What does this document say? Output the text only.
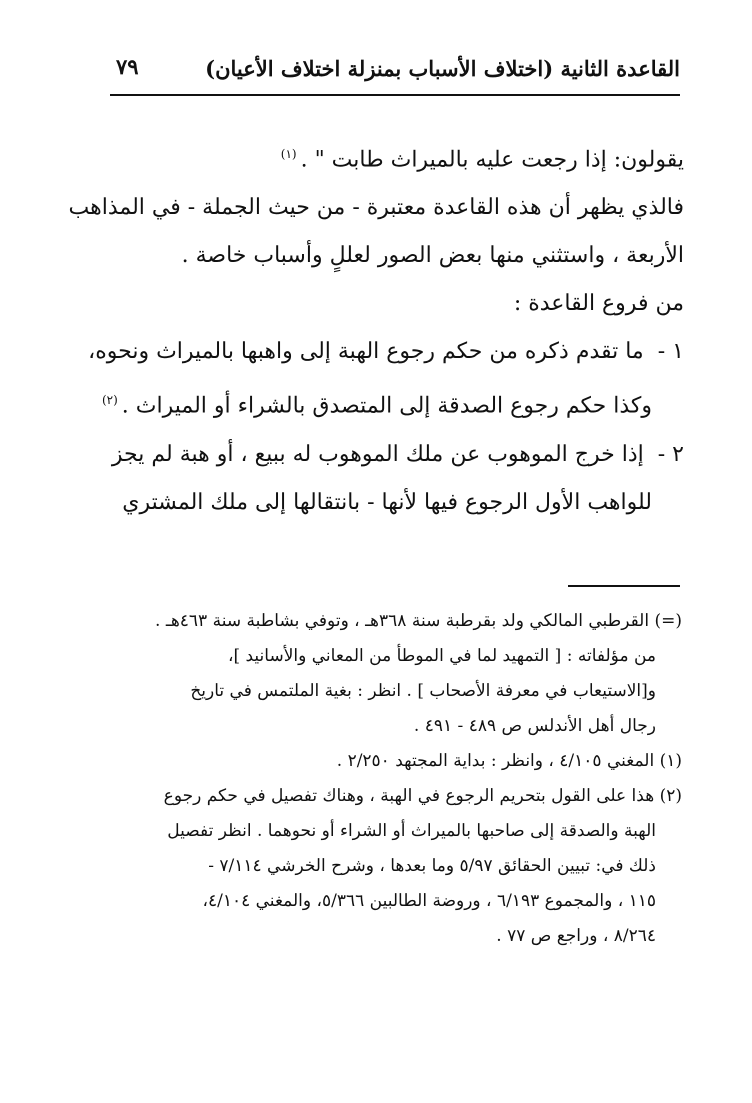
القاعدة الثانية (اختلاف الأسباب بمنزلة اختلاف الأعيان)
٧٩
يقولون: إذا رجعت عليه بالميراث طابت " .$^{(١)}$
فالذي يظهر أن هذه القاعدة معتبرة - من حيث الجملة - في المذاهب
الأربعة ، واستثني منها بعض الصور لعللٍ وأسباب خاصة .
من فروع القاعدة :
١ -ما تقدم ذكره من حكم رجوع الهبة إلى واهبها بالميراث ونحوه،
وكذا حكم رجوع الصدقة إلى المتصدق بالشراء أو الميراث .$^{(٢)}$
٢ -إذا خرج الموهوب عن ملك الموهوب له ببيع ، أو هبة لم يجز
للواهب الأول الرجوع فيها لأنها - بانتقالها إلى ملك المشتري
(=) القرطبي المالكي ولد بقرطبة سنة ٣٦٨هـ ، وتوفي بشاطبة سنة ٤٦٣هـ .
من مؤلفاته : [ التمهيد لما في الموطأ من المعاني والأسانيد ]،
و[الاستيعاب في معرفة الأصحاب ] . انظر : بغية الملتمس في تاريخ
رجال أهل الأندلس ص ٤٨٩ - ٤٩١ .
(١) المغني ٤/١٠٥ ، وانظر : بداية المجتهد ٢/٢٥٠ .
(٢) هذا على القول بتحريم الرجوع في الهبة ، وهناك تفصيل في حكم رجوع
الهبة والصدقة إلى صاحبها بالميراث أو الشراء أو نحوهما . انظر تفصيل
ذلك في: تبيين الحقائق ٥/٩٧ وما بعدها ، وشرح الخرشي ٧/١١٤ -
١١٥ ، والمجموع ٦/١٩٣ ، وروضة الطالبين ٥/٣٦٦، والمغني ٤/١٠٤،
٨/٢٦٤ ، وراجع ص ٧٧ .
